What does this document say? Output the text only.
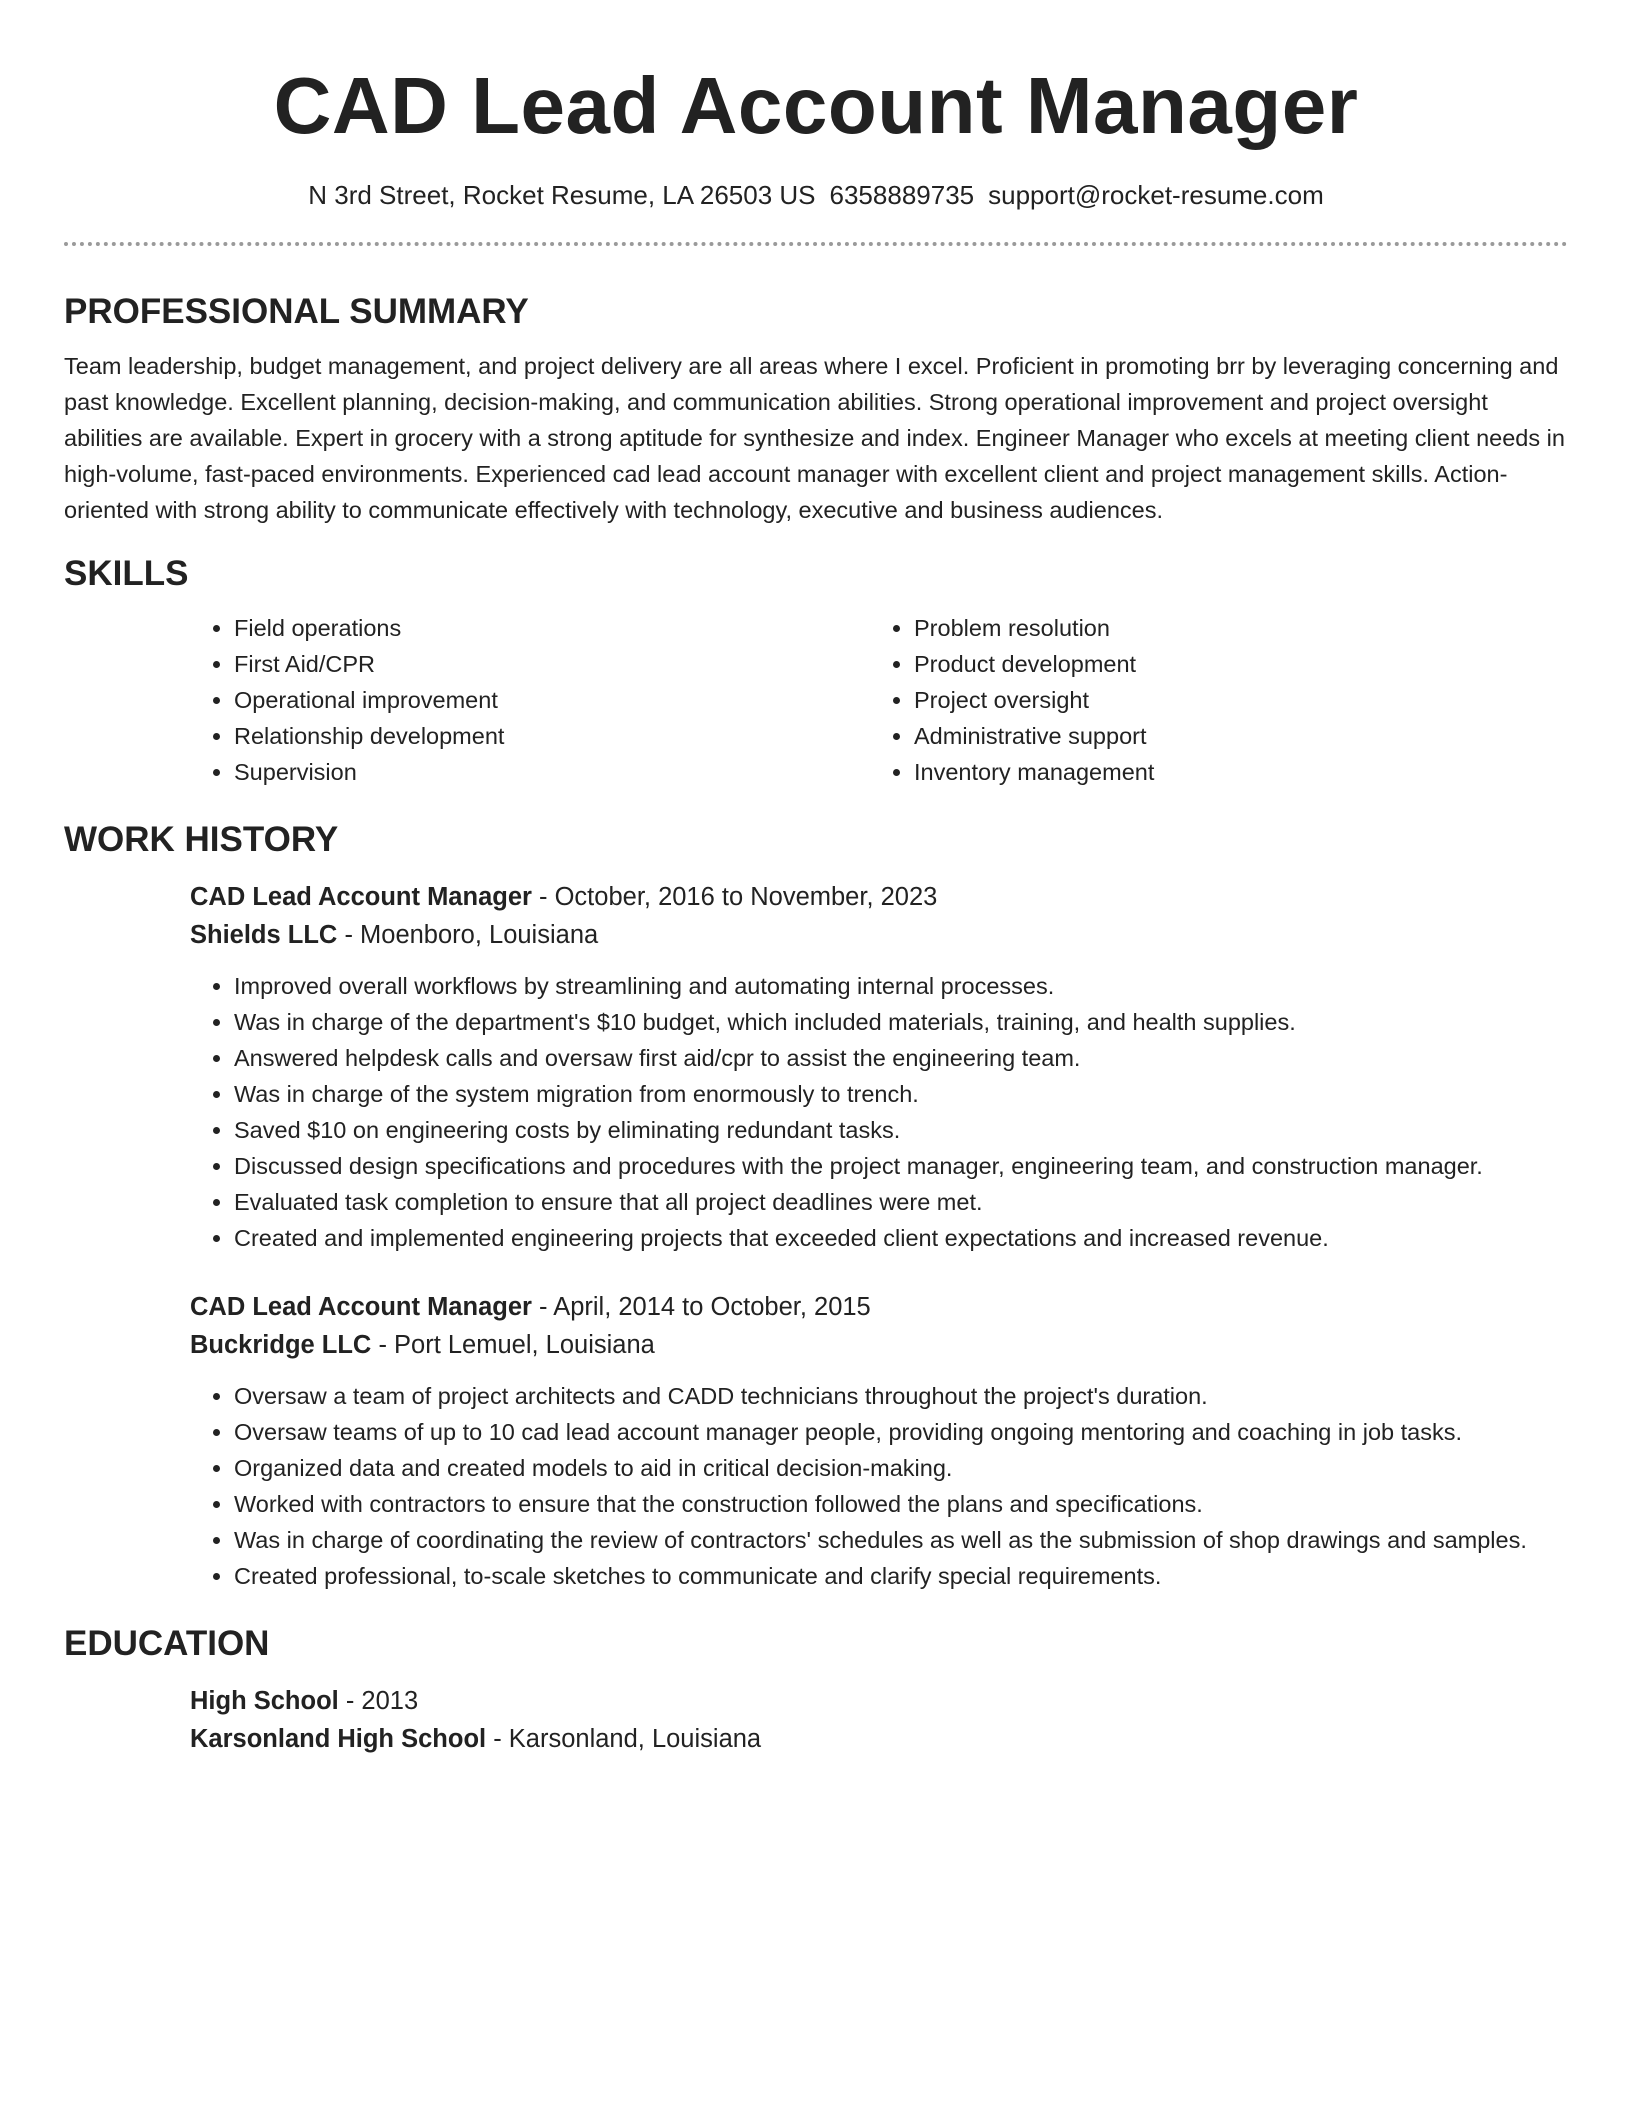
CAD Lead Account Manager
N 3rd Street, Rocket Resume, LA 26503 US 6358889735 support@rocket-resume.com
PROFESSIONAL SUMMARY

Team leadership, budget management, and project delivery are all areas where I excel. Proficient in promoting brr by leveraging concerning and past knowledge. Excellent planning, decision-making, and communication abilities. Strong operational improvement and project oversight abilities are available. Expert in grocery with a strong aptitude for synthesize and index. Engineer Manager who excels at meeting client needs in high-volume, fast-paced environments. Experienced cad lead account manager with excellent client and project management skills. Action-oriented with strong ability to communicate effectively with technology, executive and business audiences.

SKILLS
• Field operations
• First Aid/CPR
• Operational improvement
• Relationship development
• Supervision
• Problem resolution
• Product development
• Project oversight
• Administrative support
• Inventory management
WORK HISTORY
CAD Lead Account Manager - October, 2016 to November, 2023
Shields LLC - Moenboro, Louisiana
• Improved overall workflows by streamlining and automating internal processes.
• Was in charge of the department's $10 budget, which included materials, training, and health supplies.
• Answered helpdesk calls and oversaw first aid/cpr to assist the engineering team.
• Was in charge of the system migration from enormously to trench.
• Saved $10 on engineering costs by eliminating redundant tasks.
• Discussed design specifications and procedures with the project manager, engineering team, and construction manager.
• Evaluated task completion to ensure that all project deadlines were met.
• Created and implemented engineering projects that exceeded client expectations and increased revenue.
CAD Lead Account Manager - April, 2014 to October, 2015
Buckridge LLC - Port Lemuel, Louisiana
• Oversaw a team of project architects and CADD technicians throughout the project's duration.
• Oversaw teams of up to 10 cad lead account manager people, providing ongoing mentoring and coaching in job tasks.
• Organized data and created models to aid in critical decision-making.
• Worked with contractors to ensure that the construction followed the plans and specifications.
• Was in charge of coordinating the review of contractors' schedules as well as the submission of shop drawings and samples.
• Created professional, to-scale sketches to communicate and clarify special requirements.
EDUCATION
High School - 2013
Karsonland High School - Karsonland, Louisiana
